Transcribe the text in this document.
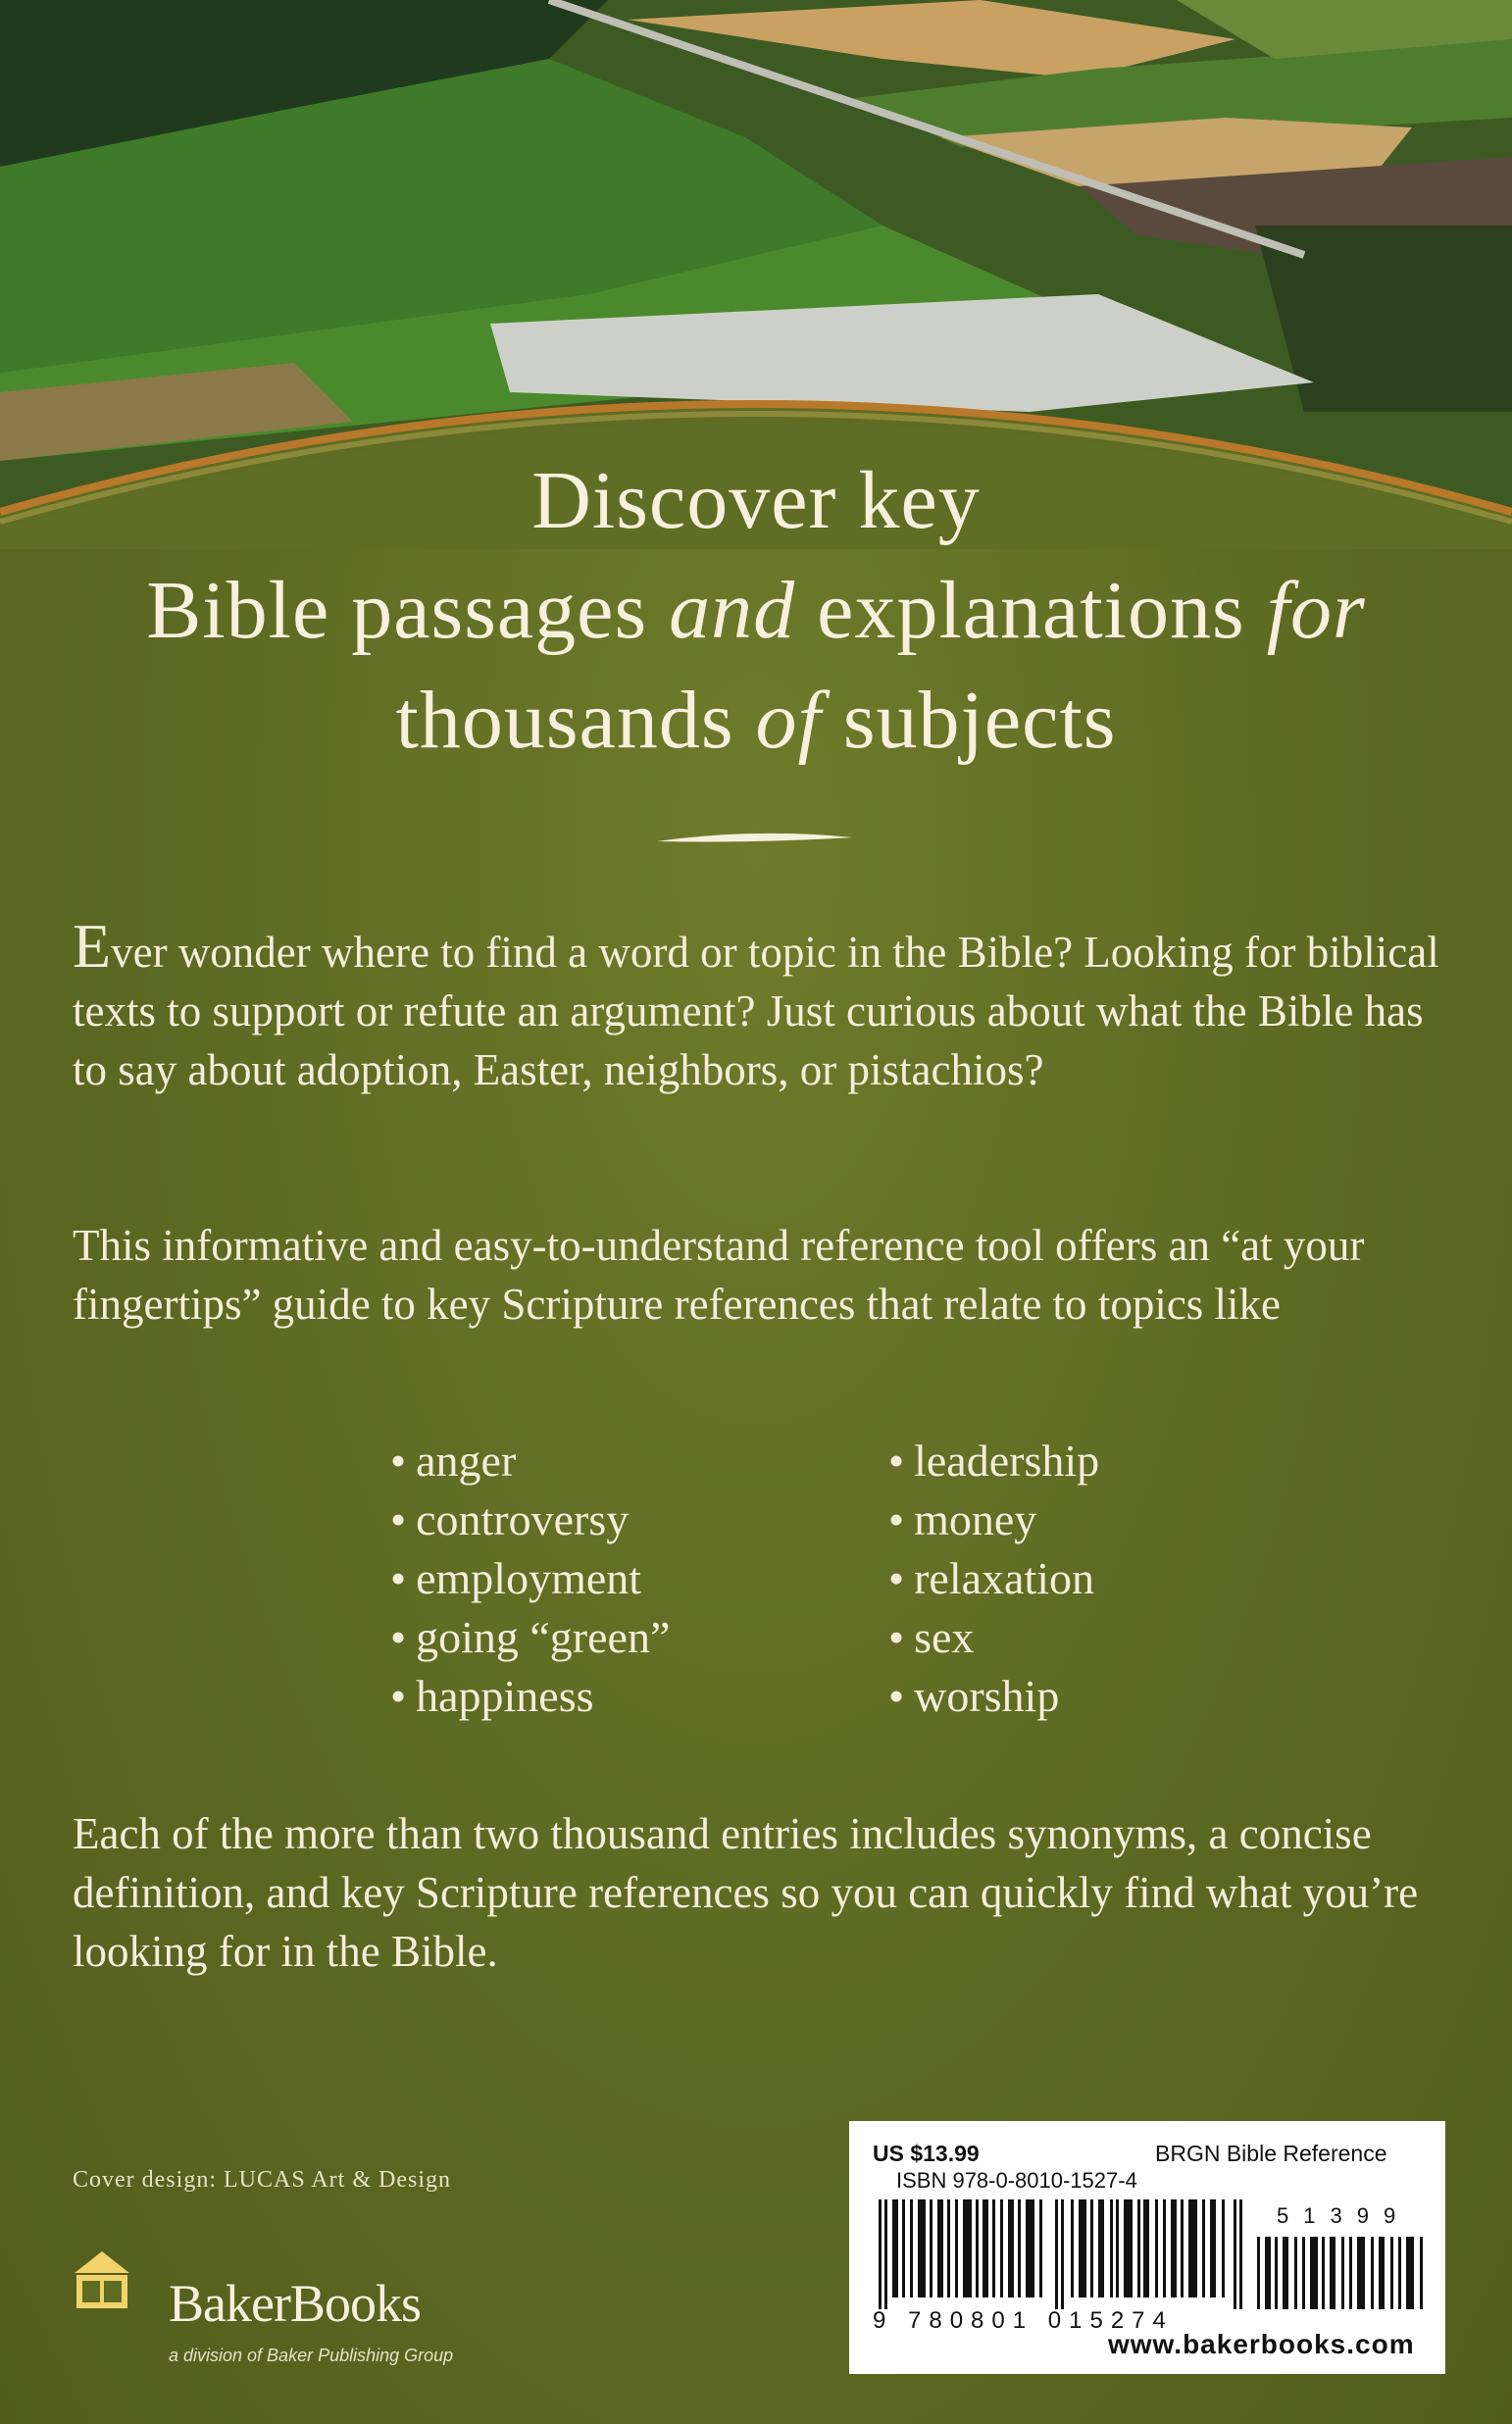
Discover key
Bible passages and explanations for
thousands of subjects
Ever wonder where to find a word or topic in the Bible? Looking for biblical texts to support or refute an argument? Just curious about what the Bible has to say about adoption, Easter, neighbors, or pistachios?
This informative and easy-to-understand reference tool offers an “at your fingertips” guide to key Scripture references that relate to topics like
• anger
• controversy
• employment
• going “green”
• happiness
• leadership
• money
• relaxation
• sex
• worship
Each of the more than two thousand entries includes synonyms, a concise definition, and key Scripture references so you can quickly find what you’re looking for in the Bible.
Cover design: LUCAS Art & Design
BakerBooks
a division of Baker Publishing Group
US $13.99	BRGN Bible Reference
ISBN 978-0-8010-1527-4
51399
9 780801 015274
www.bakerbooks.com
